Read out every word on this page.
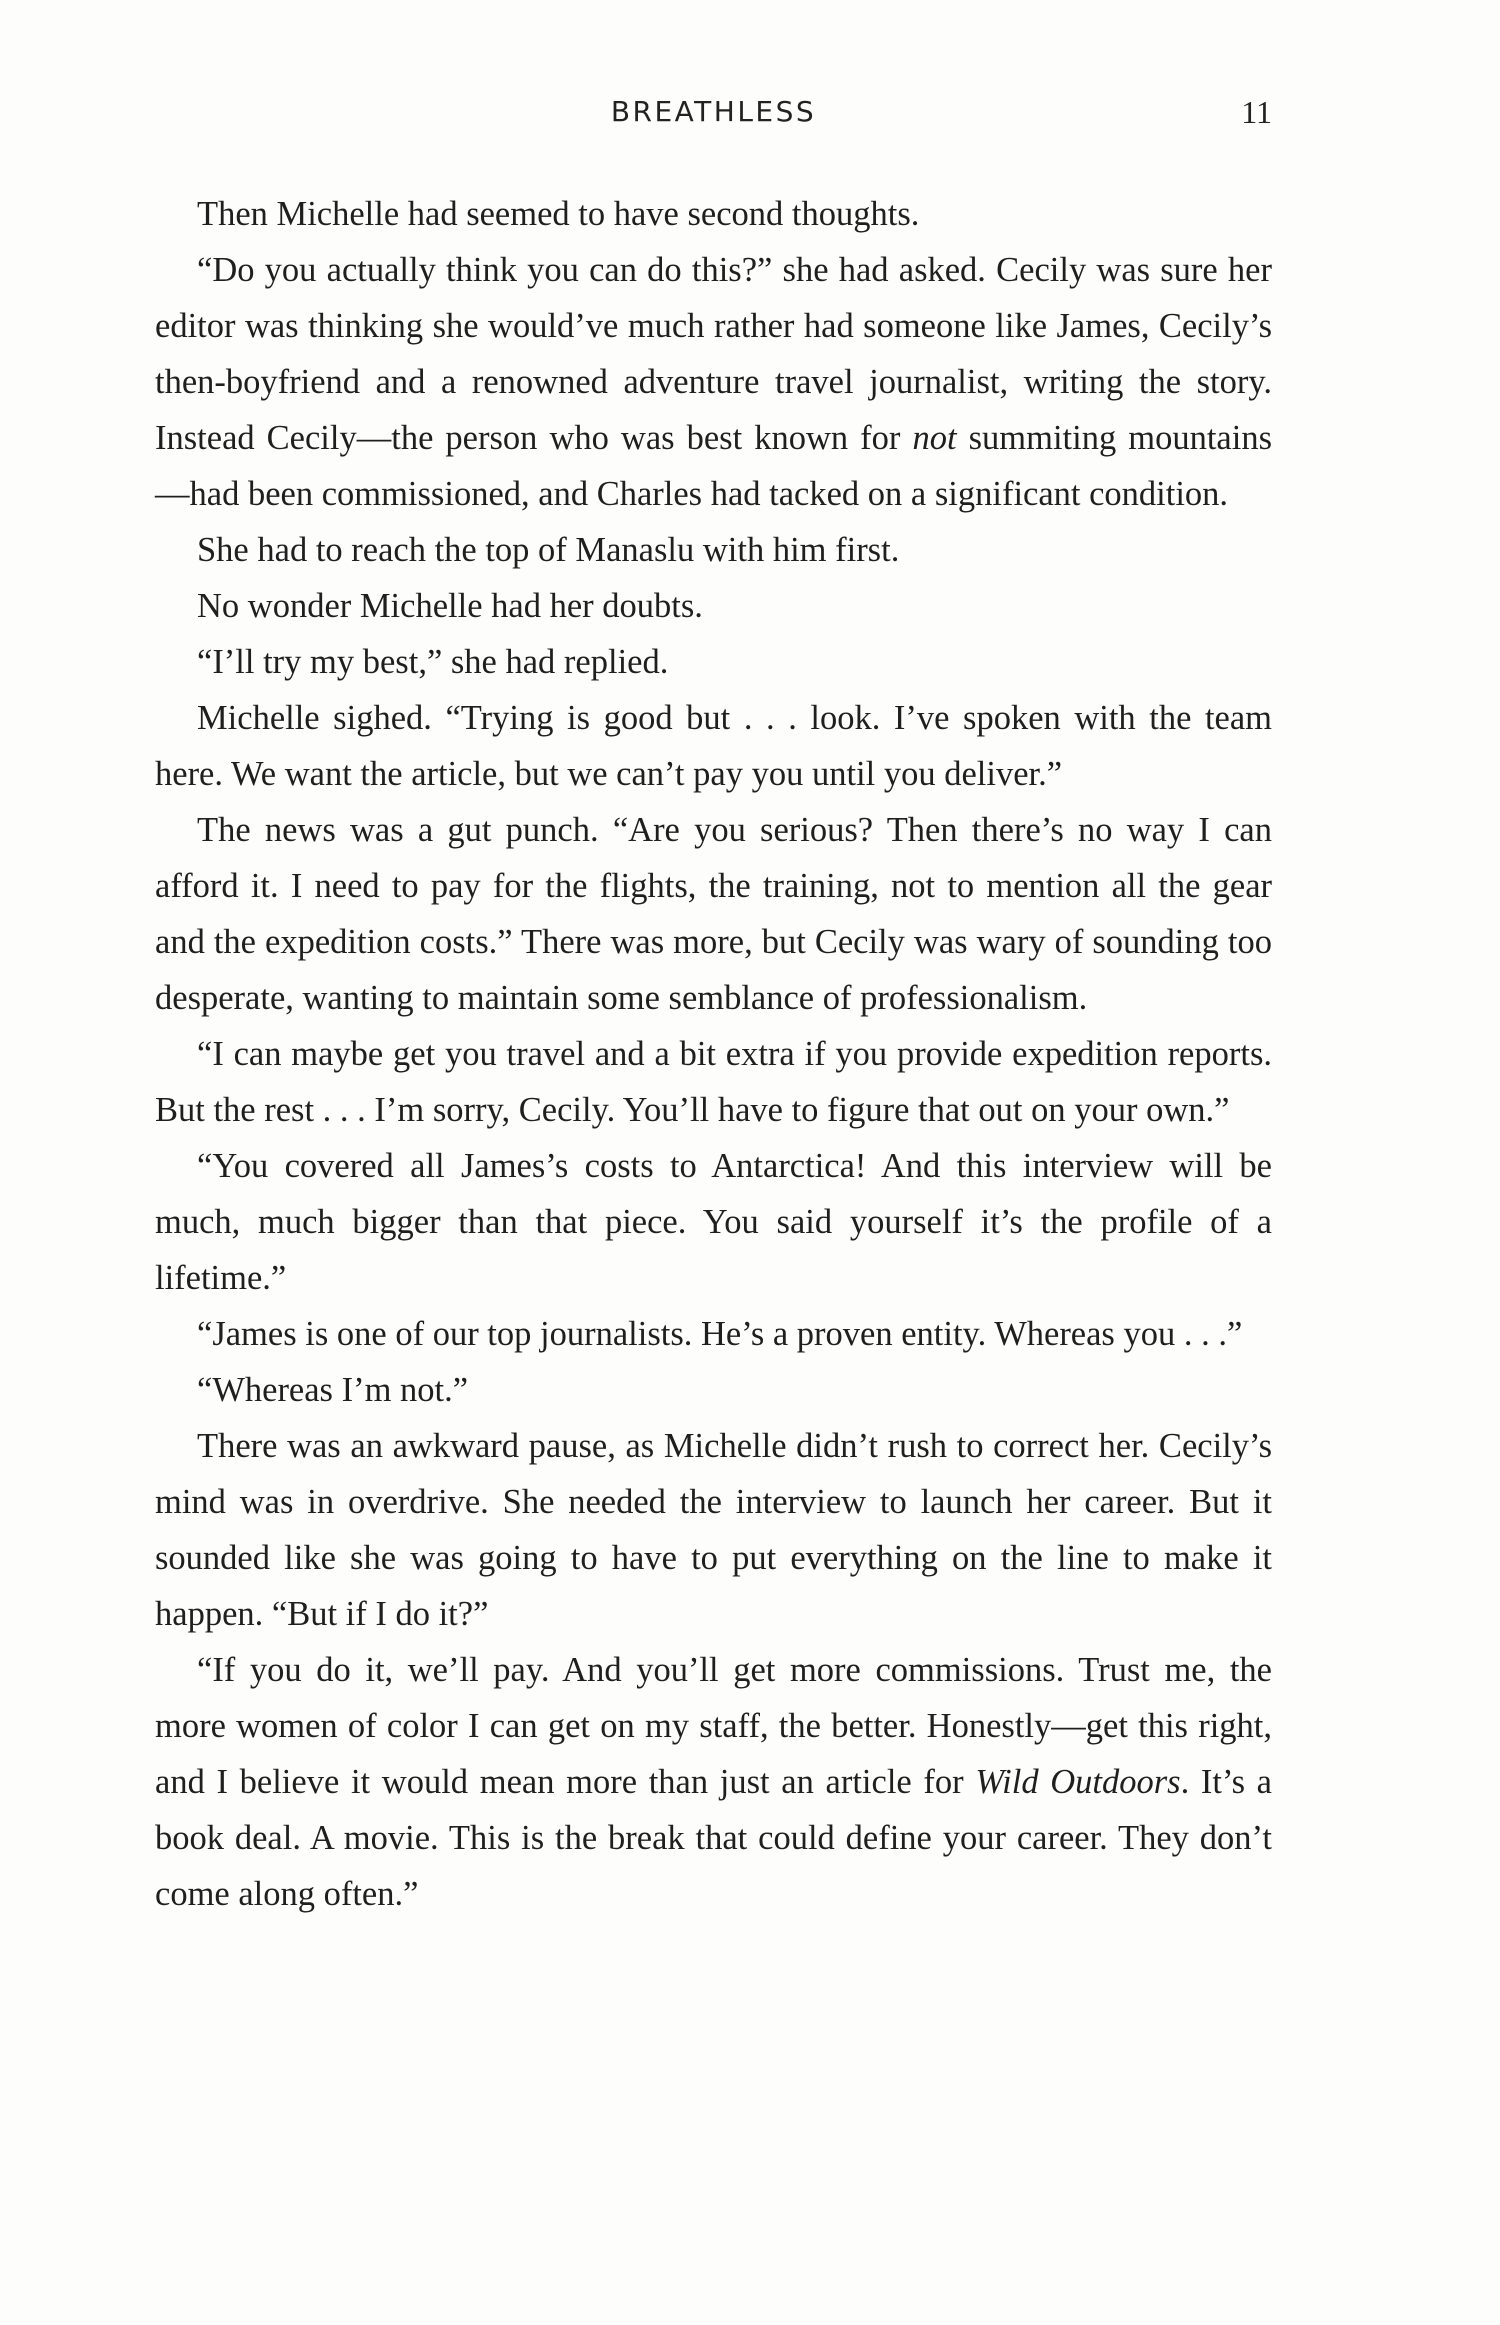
BREATHLESS	11

Then Michelle had seemed to have second thoughts.

“Do you actually think you can do this?” she had asked. Cecily was sure her editor was thinking she would’ve much rather had someone like James, Cecily’s then-boyfriend and a renowned adventure travel journalist, writing the story. Instead Cecily—the person who was best known for not summiting mountains—had been commissioned, and Charles had tacked on a significant condition.

She had to reach the top of Manaslu with him first.

No wonder Michelle had her doubts.

“I’ll try my best,” she had replied.

Michelle sighed. “Trying is good but . . . look. I’ve spoken with the team here. We want the article, but we can’t pay you until you deliver.”

The news was a gut punch. “Are you serious? Then there’s no way I can afford it. I need to pay for the flights, the training, not to mention all the gear and the expedition costs.” There was more, but Cecily was wary of sounding too desperate, wanting to maintain some semblance of professionalism.

“I can maybe get you travel and a bit extra if you provide expedition reports. But the rest . . . I’m sorry, Cecily. You’ll have to figure that out on your own.”

“You covered all James’s costs to Antarctica! And this interview will be much, much bigger than that piece. You said yourself it’s the profile of a lifetime.”

“James is one of our top journalists. He’s a proven entity. Whereas you . . .”

“Whereas I’m not.”

There was an awkward pause, as Michelle didn’t rush to correct her. Cecily’s mind was in overdrive. She needed the interview to launch her career. But it sounded like she was going to have to put everything on the line to make it happen. “But if I do it?”

“If you do it, we’ll pay. And you’ll get more commissions. Trust me, the more women of color I can get on my staff, the better. Honestly—get this right, and I believe it would mean more than just an article for Wild Outdoors. It’s a book deal. A movie. This is the break that could define your career. They don’t come along often.”
